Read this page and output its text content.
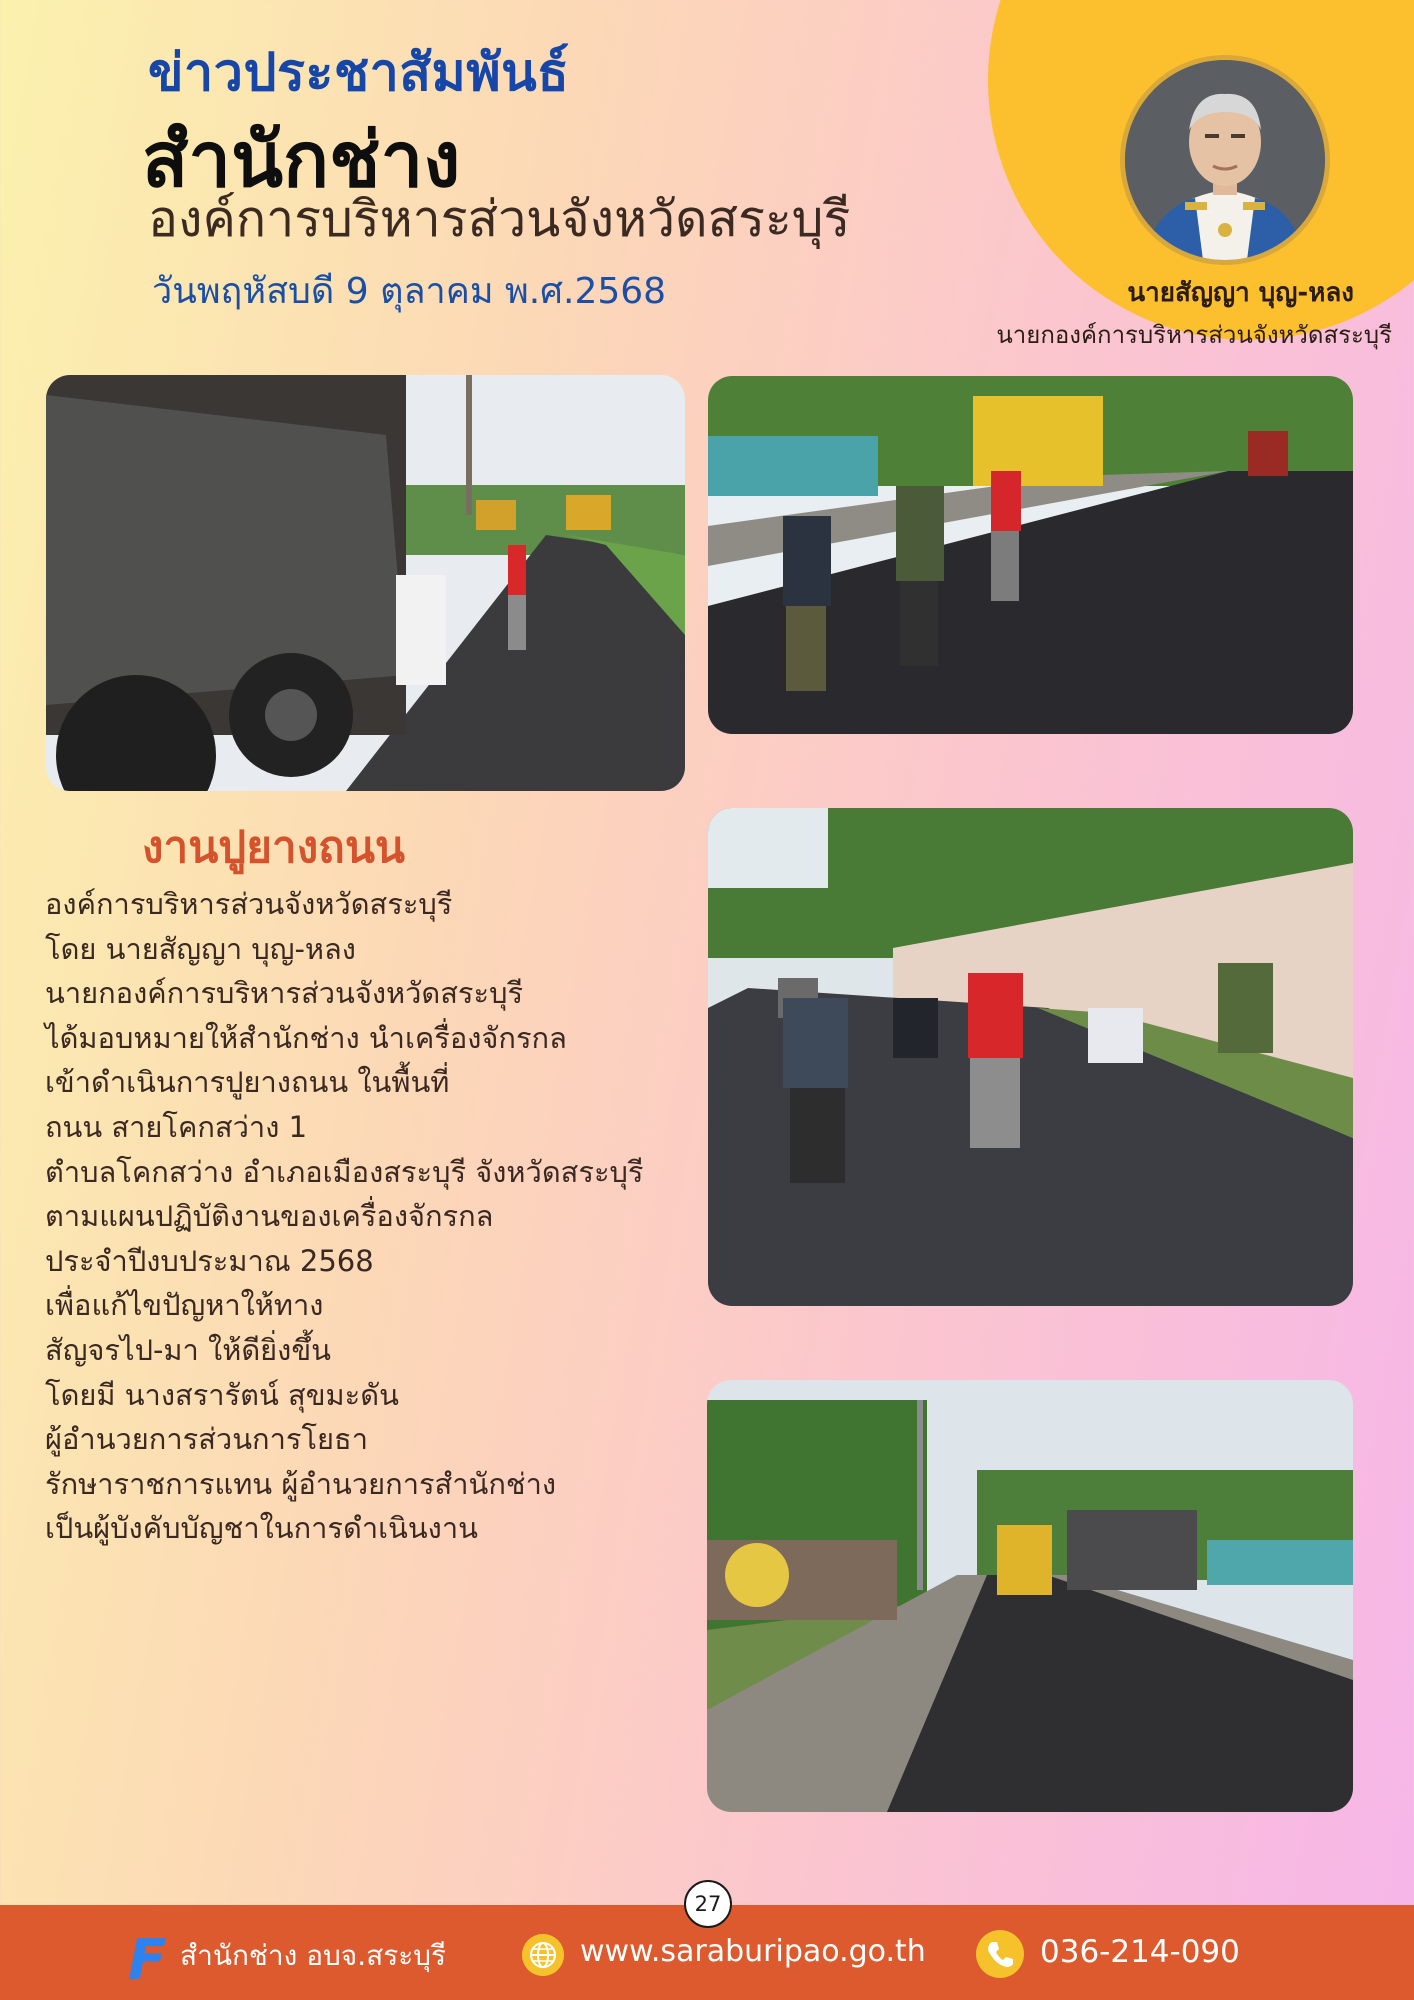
ข่าวประชาสัมพันธ์
สำนักช่าง
องค์การบริหารส่วนจังหวัดสระบุรี
วันพฤหัสบดี 9 ตุลาคม พ.ศ.2568	นายสัญญา บุญ-หลง
นายกองค์การบริหารส่วนจังหวัดสระบุรี
งานปูยางถนน
องค์การบริหารส่วนจังหวัดสระบุรี
โดย นายสัญญา บุญ-หลง
นายกองค์การบริหารส่วนจังหวัดสระบุรี
ได้มอบหมายให้สำนักช่าง นำเครื่องจักรกล
เข้าดำเนินการปูยางถนน ในพื้นที่
ถนน สายโคกสว่าง 1
ตำบลโคกสว่าง อำเภอเมืองสระบุรี จังหวัดสระบุรี
ตามแผนปฏิบัติงานของเครื่องจักรกล
ประจำปีงบประมาณ 2568
เพื่อแก้ไขปัญหาให้ทาง
สัญจรไป-มา ให้ดียิ่งขึ้น
โดยมี นางสรารัตน์ สุขมะดัน
ผู้อำนวยการส่วนการโยธา
รักษาราชการแทน ผู้อำนวยการสำนักช่าง
เป็นผู้บังคับบัญชาในการดำเนินงาน
27
F สำนักช่าง อบจ.สระบุรี	www.saraburipao.go.th	036-214-090
